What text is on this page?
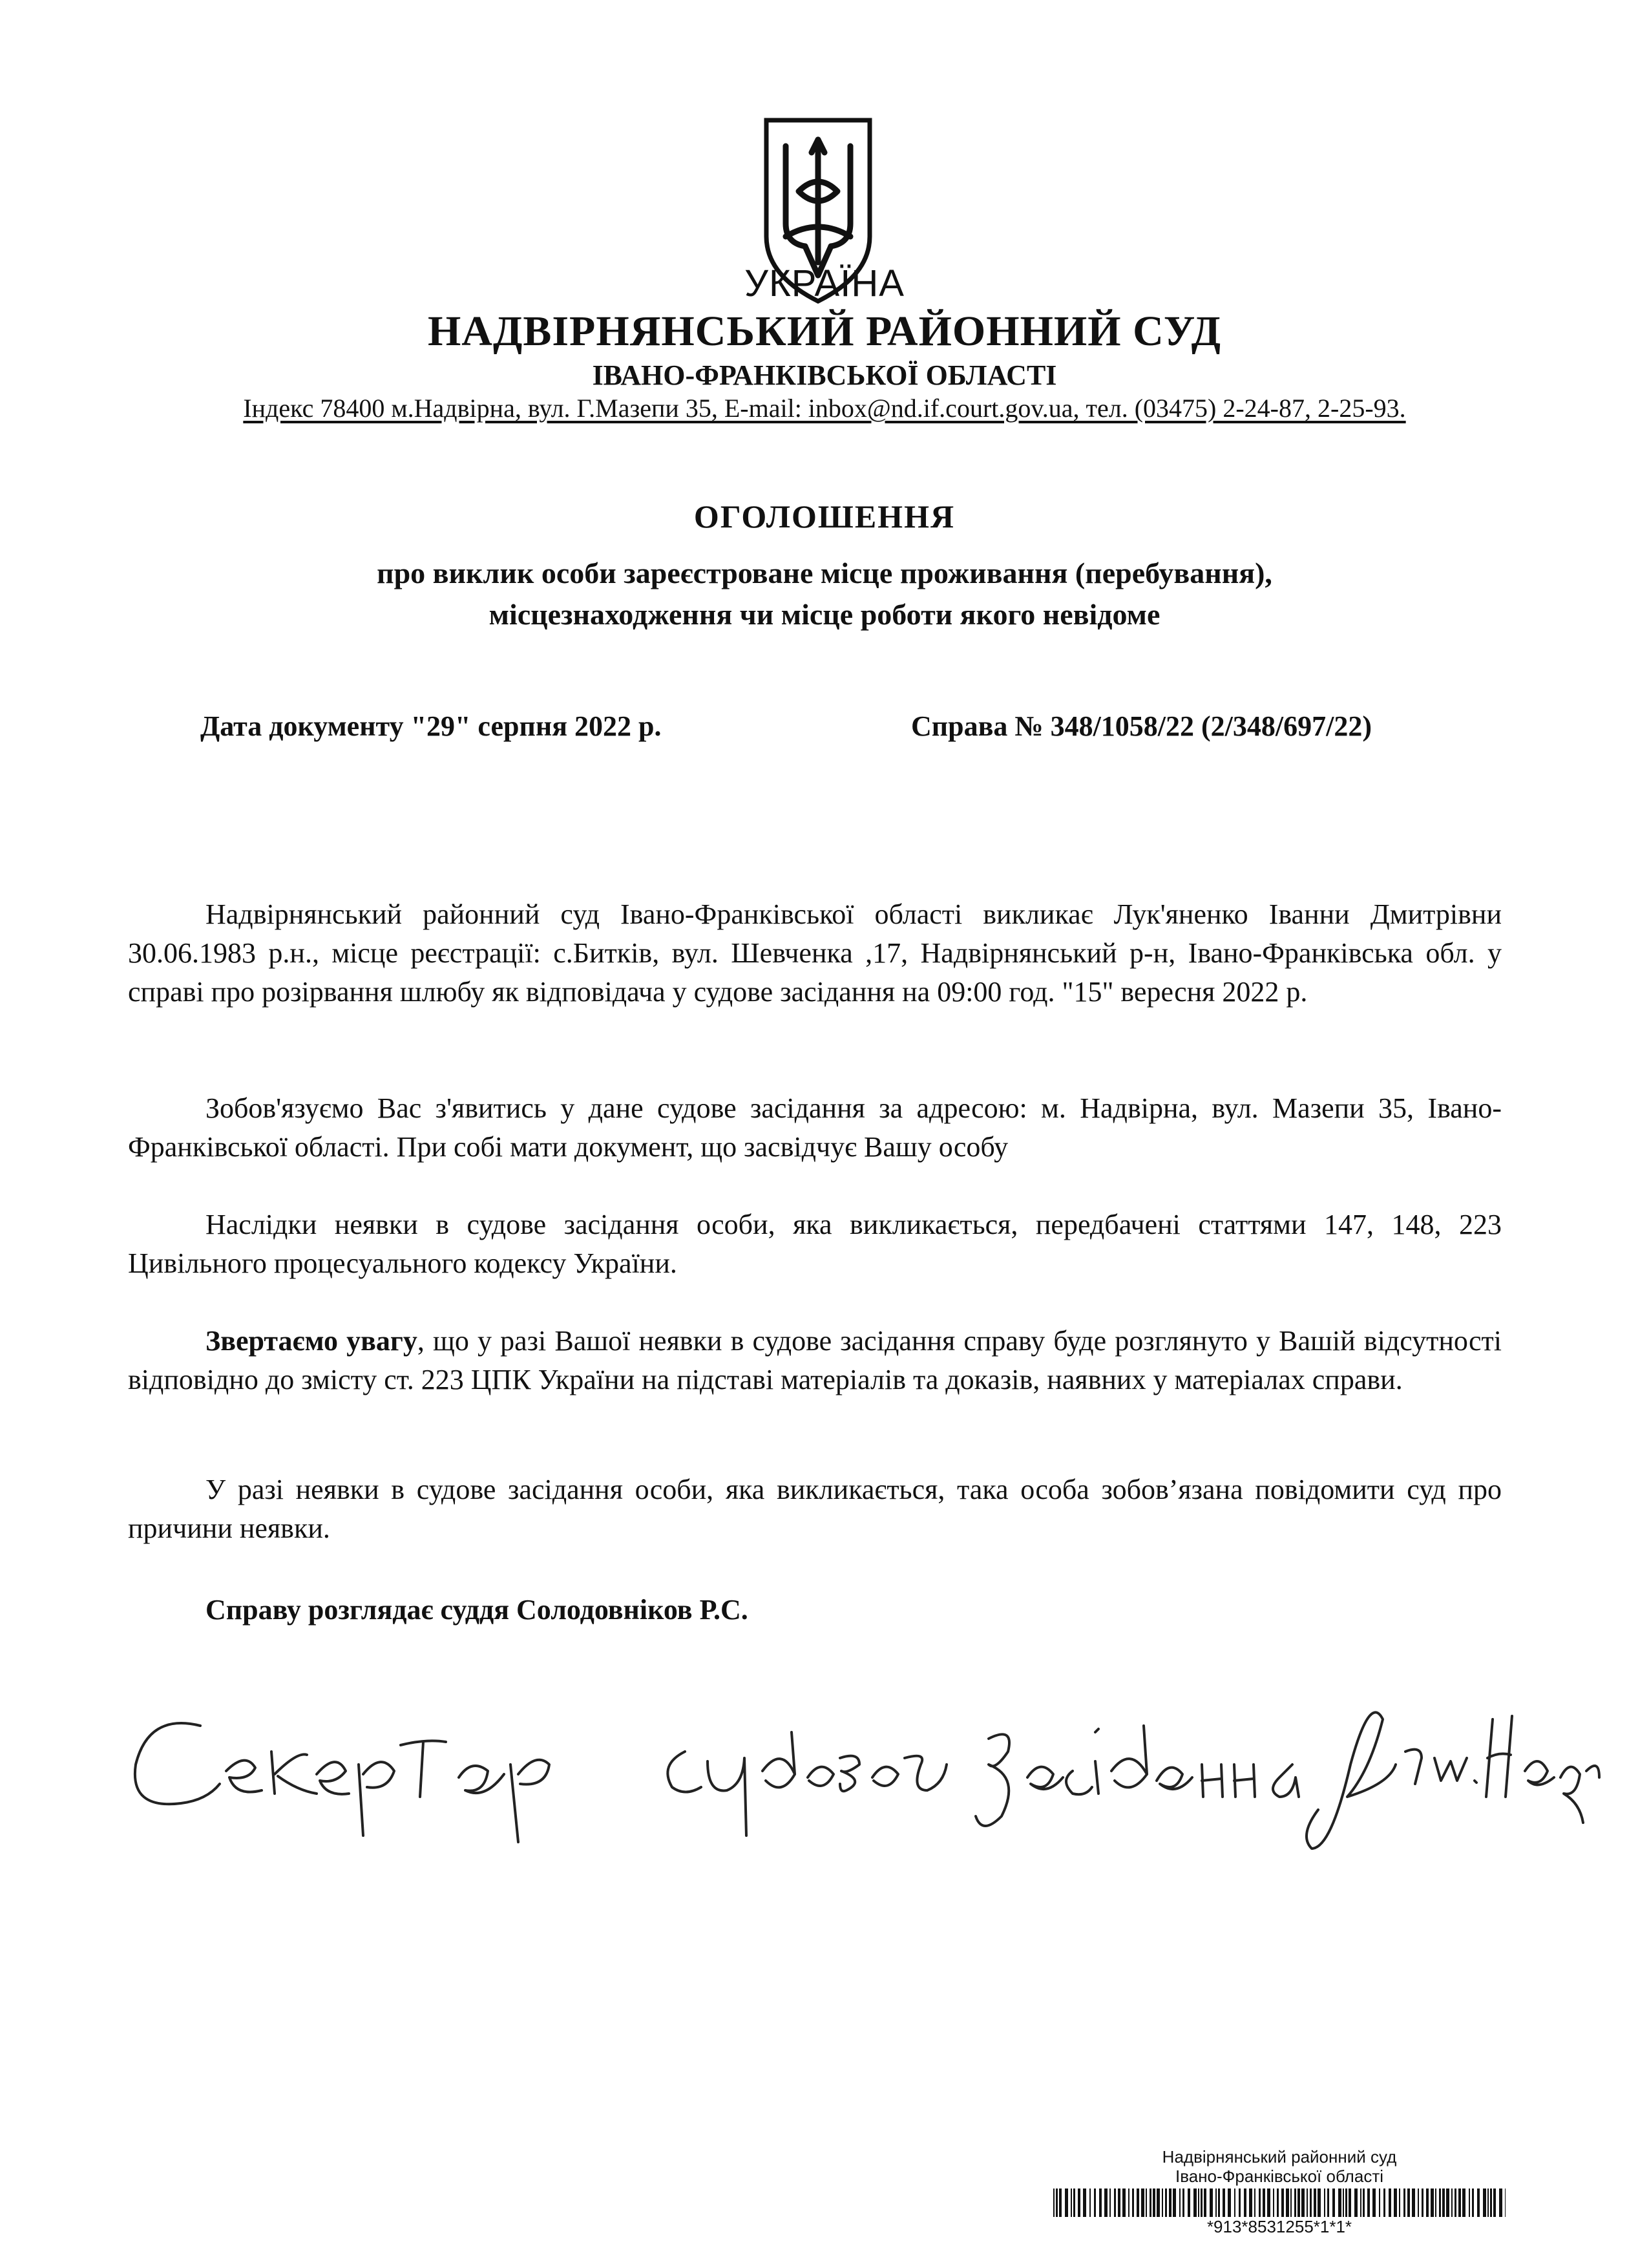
УКРАЇНА
НАДВІРНЯНСЬКИЙ РАЙОННИЙ СУД
ІВАНО-ФРАНКІВСЬКОЇ ОБЛАСТІ
Індекс 78400 м.Надвірна, вул. Г.Мазепи 35, E-mail: inbox@nd.if.court.gov.ua, тел. (03475) 2-24-87, 2-25-93.
ОГОЛОШЕННЯ
про виклик особи зареєстроване місце проживання (перебування),
місцезнаходження чи місце роботи якого невідоме
Дата документу "29" серпня 2022 р.	Справа № 348/1058/22 (2/348/697/22)
Надвірнянський районний суд Івано-Франківської області викликає Лук'яненко Іванни Дмитрівни 30.06.1983 р.н., місце реєстрації: с.Битків, вул. Шевченка ,17, Надвірнянський р-н, Івано-Франківська обл. у справі про розірвання шлюбу як відповідача у судове засідання на 09:00 год. "15" вересня 2022 р.
Зобов'язуємо Вас з'явитись у дане судове засідання за адресою: м. Надвірна, вул. Мазепи 35, Івано-Франківської області. При собі мати документ, що засвідчує Вашу особу
Наслідки неявки в судове засідання особи, яка викликається, передбачені статтями 147, 148, 223 Цивільного процесуального кодексу України.
Звертаємо увагу, що у разі Вашої неявки в судове засідання справу буде розглянуто у Вашій відсутності відповідно до змісту ст. 223 ЦПК України на підставі матеріалів та доказів, наявних у матеріалах справи.
У разі неявки в судове засідання особи, яка викликається, така особа зобов’язана повідомити суд про причини неявки.
Справу розглядає суддя Солодовніков Р.С.
Надвірнянський районний суд
Івано-Франківської області
*913*8531255*1*1*
